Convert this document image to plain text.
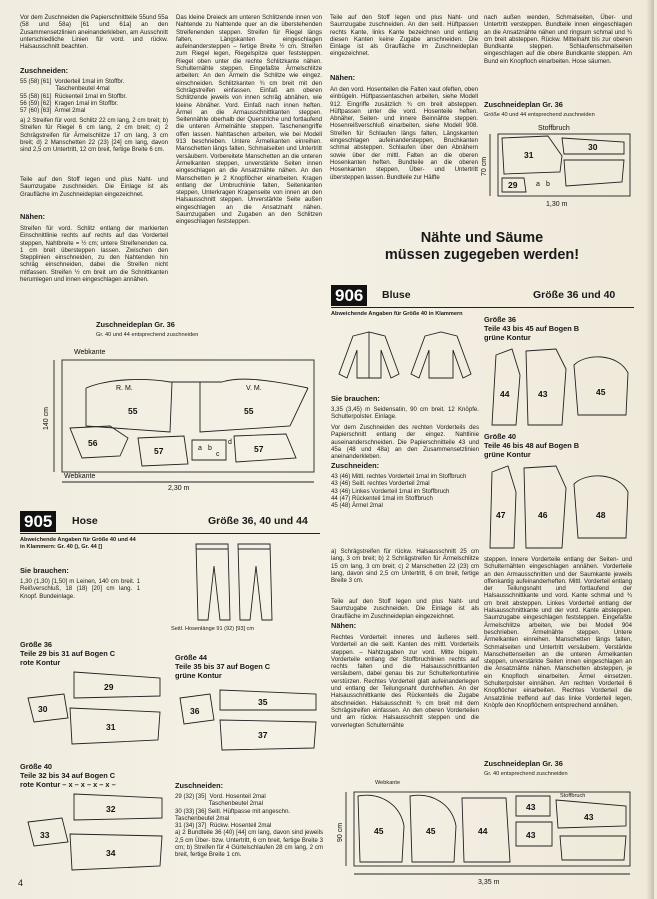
Vor dem Zuschneiden die Papierschnittteile 55und 55a (58 und 58a) [61 und 61a] an den Zusammensetzlinien aneinanderkleben, am Ausschnitt unterschiedliche Linien für vord. und rückw. Halsausschnitt beachten.
Zuschneiden:
55 (58) [61]  Vorderteil 1mal im Stoffbr.
Taschenbeutel 4mal
55 (58) [61]  Rückenteil 1mal im Stoffbr.
56 (59) [62]  Kragen 1mal im Stoffbr.
57 (60) [63]  Ärmel 2mal
a) 2 Streifen für vord. Schlitz 22 cm lang, 2 cm breit; b) Streifen für Riegel 6 cm lang, 2 cm breit; c) 2 Schrägstreifen für Ärmelschlitze 17 cm lang, 3 cm breit; d) 2 Manschetten 22 (23) [24] cm lang, davon sind 2,5 cm Untertritt, 12 cm breit, fertige Breite 6 cm.
Teile auf den Stoff legen und plus Naht- und Saumzugabe zuschneiden. Die Einlage ist als Graufläche im Zuschneideplan eingezeichnet.
Nähen:
Streifen für vord. Schlitz entlang der markierten Einschnittlinie rechts auf rechts auf das Vorderteil steppen, Nahtbreite = ½ cm; untere Streifenenden ca. 1 cm breit übersteppen lassen. Zwischen den Stepplinien einschneiden, zu den Nahtenden hin schräg einschneiden, dabei die Streifen nicht mitfassen. Streifen ½ cm breit um die Schnittkanten herumlegen und innen eingeschlagen annähen.
Das kleine Dreieck am unteren Schlitzende innen von Nahtende zu Nahtende quer an die überstehenden Streifenenden steppen. Streifen für Riegel längs falten, Längskanten eingeschlagen aufeinandersteppen – fertige Breite ½ cm. Streifen zum Riegel legen, Riegelspitze quer feststeppen. Riegel oben unter die rechte Schlitzkante nähen. Schulternähte steppen. Eingefaßte Ärmelschlitze arbeiten: An den Ärmeln die Schlitze wie eingez. einschneiden. Schlitzkanten ¾ cm breit mit den Schrägstreifen einfassen. Einfaß am oberen Schlitzende jeweils von innen schräg abnähen, wie kleine Abnäher. Vord. Einfaß nach innen heften. Ärmel an die Armausschnittkanten steppen. Seitennähte oberhalb der Querstriche und fortlaufend die unteren Ärmelnähte steppen. Taschenengriffe offen lassen. Nahttaschen arbeiten, wie bei Modell 913 beschrieben. Untere Ärmelkanten einreihen. Manschetten längs falten, Schmalseiten und Untertritt versäubern. Vorbereitete Manschetten an die unteren Ärmelkanten steppen, unverstärkte Seiten innen eingeschlagen an die Ansatznähte nähen. An den Manschetten je 2 Knopflöcher einarbeiten. Kragen entlang der Umbruchlinie falten, Seitenkanten steppen, Unterkragen Kragenseite von innen an den Halsausschnitt steppen. Unverstärkte Seite außen eingeschlagen an die Ansatznaht nähen. Saumzugaben und Zugaben an den Schlitzen eingeschlagen feststeppen.
Zuschneideplan Gr. 36
Gr. 40 und 44 entsprechend zuschneiden
Webkante
R. M.	V. M.
55	55
56
57	57
a b
c
d
140 cm
Webkante
2,30 m
905	Hose	Größe 36, 40 und 44
Abweichende Angaben für Größe 40 und 44 in Klammern: Gr. 40 (), Gr. 44 []
Sie brauchen:
1,30 (1,30) [1,50] m Leinen, 140 cm breit. 1 Reißverschluß, 18 (18) [20] cm lang. 1 Knopf. Bundeinlage.
Seitl. Hosenlänge 91 (92) [93] cm
Größe 36
Teile 29 bis 31 auf Bogen C
rote Kontur
29
30
31
Größe 44
Teile 35 bis 37 auf Bogen C
grüne Kontur
36
35
37
Größe 40
Teile 32 bis 34 auf Bogen C
rote Kontur – x – x – x – x –
32
33
34
Zuschneiden:
29 (32) [35]  Vord. Hosenteil 2mal
Taschenbeutel 2mal
30 (33) [36] Seitl. Hüftpasse mit angeschn. Taschenbeutel 2mal
31 (34) [37]  Rückw. Hosenteil 2mal
a) 2 Bundteile 36 (40) [44] cm lang, davon sind jeweils 2,5 cm Über- bzw. Untertritt, 6 cm breit, fertige Breite 3 cm; b) Streifen für 4 Gürtelschlaufen 28 cm lang, 2 cm breit, fertige Breite 1 cm.
4
Teile auf den Stoff legen und plus Naht- und Saumzugabe zuschneiden. An den seitl. Hüftpassen rechts Kante, links Kante bezeichnen und entlang diesen Kanten keine Zugabe anschneiden. Die Einlage ist als Graufläche im Zuschneideplan eingezeichnet.
Nähen:
An den vord. Hosenteilen die Falten xaut ofeften, oben einbügeln. Hüftpassentaschen arbeiten, siehe Modell 912. Eingriffe zusätzlich ¾ cm breit absteppen. Hüftpassen unter die vord. Hosenteile heften. Abnäher, Seiten- und innere Beinnähte steppen. Hosenreißverschluß einarbeiten, siehe Modell 908. Streifen für Schlaufen längs falten, Längskanten eingeschlagen aufeinandersteppen, Bruchkanten schmal absteppen. Schlaufen über den Abnähern sowie über der mittl. Falten an die oberen Hosenkanten heften. Bundteile an die oberen Hosenkanten steppen, Über- und Untertritt übersteppen lassen. Bundteile zur Hälfte
nach außen wenden, Schmalseiten, Über- und Untertritt versteppen. Bundteile innen eingeschlagen an die Ansatznähte nähen und ringsum schmal und ¾ cm breit absteppen. Rückw. Mittelnaht bis zur oberen Bundkante steppen. Schlaufenschmalseiten eingeschlagen auf die obere Bundkante steppen. Am Bund ein Knopfloch einarbeiten. Hose säumen.
Zuschneideplan Gr. 36
Größe 40 und 44 entsprechend zuschneiden
Stoffbruch
31
30
29	a b
70 cm
1,30 m
Nähte und Säume
müssen zugegeben werden!
906	Bluse	Größe 36 und 40
Abweichende Angaben für Größe 40 in Klammern
Sie brauchen:
3,35 (3,45) m Seidensatin, 90 cm breit. 12 Knöpfe. Schulterpolster. Einlage.
Vor dem Zuschneiden des rechten Vorderteils des Papierschnitt entlang der eingez. Nahtlinie auseinanderschneiden. Die Papierschnitteile 43 und 45a (48 und 48a) an den Zusammensetzlinien aneinanderkleben.
Zuschneiden:
43 (46) Mittl. rechtes Vorderteil 1mal im Stoffbruch
43 (46) Seitl. rechtes Vorderteil 2mal
43 (46) Linkes Vorderteil 1mal im Stoffbruch
44 (47) Rückenteil 1mal im Stoffbruch
45 (48) Ärmel 2mal
a) Schrägstreifen für rückw. Halsausschnitt 25 cm lang, 3 cm breit; b) 2 Schrägstreifen für Ärmelschlitze 15 cm lang, 3 cm breit; c) 2 Manschetten 22 (23) cm lang, davon sind 2,5 cm Untertritt, 6 cm breit, fertige Breite 3 cm.
Teile auf den Stoff legen und plus Naht- und Saumzugabe zuschneiden. Die Einlage ist als Graufläche im Zuschneideplan eingezeichnet.
Nähen:
Rechtes Vorderteil: inneres und äußeres seitl. Vorderteil an die seitl. Kanten des mittl. Vorderteils steppen. – Nahtzugaben zur vord. Mitte bügeln. Vorderteile entlang der Stoffbruchlinien rechts auf rechts falten und die Halsausschnittkanten versäubern, dabei genau bis zur Schulterkonturlinie verstürzen. Rechtes Vorderteil glatt aufeinanderlegen und entlang der Teilungsnaht durchheften. An der Halsausschnittkante des Rückenteils die Zugabe abschneiden. Halsausschnitt ¾ cm breit mit dem Schrägstreifen einfassen. An den oberen Vorderteilen und am rückw. Halsausschnitt steppen und die vorverlegten Schulternähte
Größe 36
Teile 43 bis 45 auf Bogen B
grüne Kontur
44	43	45
Größe 40
Teile 46 bis 48 auf Bogen B
grüne Kontur
47	46	48
steppen. Innere Vorderteile entlang der Seiten- und Schulternähten eingeschlagen annähen. Vorderteile an den Armausschnitten und der Saumkante jeweils offenkantig aufeinanderheften. Mittl. Vorderteil entlang der Teilungsnaht und fortlaufend der Halsausschnittkante und vord. Kante schmal und ¾ cm breit absteppen. Linkes Vorderteil entlang der Halsausschnittkante und der vord. Kante absteppen. Saumzugabe eingeschlagen feststeppen. Eingefaßte Ärmelschlitze arbeiten, wie bei Modell 904 beschrieben. Ärmelnähte steppen. Untere Ärmelkanten einreihen. Manschetten längs falten, Schmalseiten und Untertritt versäubern. Verstärkte Manschettenseiten an die unteren Ärmelkanten steppen, unverstärkte Seiten innen eingeschlagen an die Ansatznähte nähen. Manschetten absteppen, je ein Knopfloch einarbeiten. Ärmel einsetzen. Schulterpolster einnähen. Am rechten Vorderteil 6 Knopflöcher einarbeiten. Rechtes Vorderteil die Ansatzlinie treffend auf das linke Vorderteil legen, Knöpfe den Knopflöchern entsprechend annähen.
Zuschneideplan Gr. 36
Gr. 40 entsprechend zuschneiden
Webkante
Stoffbruch
45	45	44
43
43
43
90 cm
3,35 m
